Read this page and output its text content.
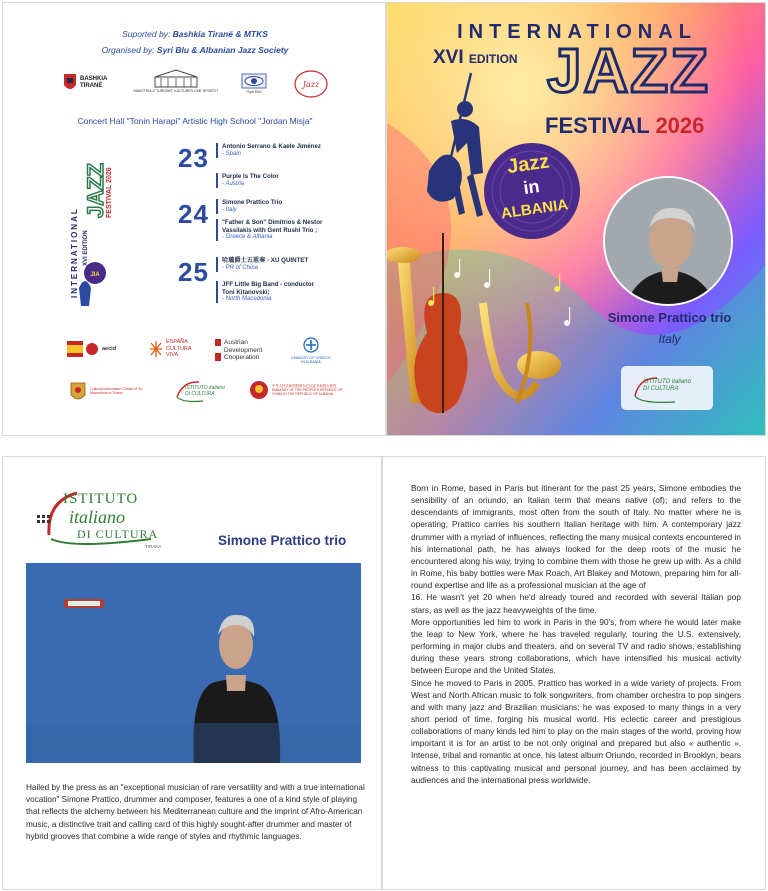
Suported by: Bashkia Tiranë & MTKS
Organised by: Syri Blu & Albanian Jazz Society
BASHKIA TIRANË
MINISTRIA E TURIZMIT, KULTURËS DHE SPORTIT	"Syri Blu"
Jazz
Concert Hall "Tonin Harapi" Artistic High School "Jordan Misja"
INTERNATIONAL XVI EDITION
JAZZ
FESTIVAL 2026
JIA
23 Antonio Serrano & Kaele Jiménez
- Spain
Purple Is The Color
- Austria
24 Simone Prattico Trio
- Italy
"Father & Son" Dimitrios & Nestor Vassilakis with Gent Rushi Trio ;
- Greece & Albania
25 哈瓏爵士五重奏 - XU QUINTET
- PR of China
JFF Little Big Band - conductor Toni Kitanovski;
- North Macedonia
aecid
ESPAÑA CULTURA VIVA
Austrian Development Cooperation	EMBASSY OF GREECE IN ALBANIA
Cultural Information Centre of Sv. Macedonia in Tirana
ISTITUTO italiano DI CULTURA
中华人民共和国驻阿尔巴尼亚共和国大使馆 EMBASSY OF THE PEOPLE'S REPUBLIC OF CHINA IN THE REPUBLIC OF ALBANIA
INTERNATIONAL
XVI EDITION JAZZ
FESTIVAL 2026
Jazz
in
ALBANIA
Simone Prattico trio
Italy
ISTITUTO italiano DI CULTURA
ISTITUTO
italiano
DI CULTURA
TIRANA	Simone Prattico trio
Hailed by the press as an "exceptional musician of rare versatility and with a true international vocation" Simone Prattico, drummer and composer, features a one of a kind style of playing that reflects the alchemy between his Mediterranean culture and the imprint of Afro-American music, a distinctive trait and calling card of this highly sought-after drummer and master of hybrid grooves that combine a wide range of styles and rhythmic languages.

Born in Rome, based in Paris but itinerant for the past 25 years, Simone embodies the sensibility of an oriundo, an Italian term that means native (of); and refers to the descendants of immigrants, most often from the south of Italy. No matter where he is operating, Prattico carries his southern Italian heritage with him. A contemporary jazz drummer with a myriad of influences, reflecting the many musical contexts encountered in his international path, he has always looked for the deep roots of the music he encountered along his way, trying to combine them with those he grew up with. As a child in Rome, his baby bottles were Max Roach, Art Blakey and Motown, preparing him for all-round expertise and life as a professional musician at the age of

16. He wasn't yet 20 when he'd already toured and recorded with several Italian pop stars, as well as the jazz heavyweights of the time.

More opportunities led him to work in Paris in the 90's, from where he would later make the leap to New York, where he has traveled regularly, touring the U.S. extensively, performing in major clubs and theaters, and on several TV and radio shows, establishing during these years strong collaborations, which have intensified his musical activity between Europe and the United States.

Since he moved to Paris in 2005, Prattico has worked in a wide variety of projects. From West and North African music to folk songwriters, from chamber orchestra to pop singers and with many jazz and Brazilian musicians: he was exposed to many things in a very short period of time, forging his musical world. His eclectic career and prestigious collaborations of many kinds led him to play on the main stages of the world, proving how important it is for an artist to be not only original and prepared but also « authentic ». Intense, tribal and romantic at once, his latest album Oriundo, recorded in Brooklyn, bears witness to this captivating musical and personal journey, and has been acclaimed by audiences and the international press worldwide.
